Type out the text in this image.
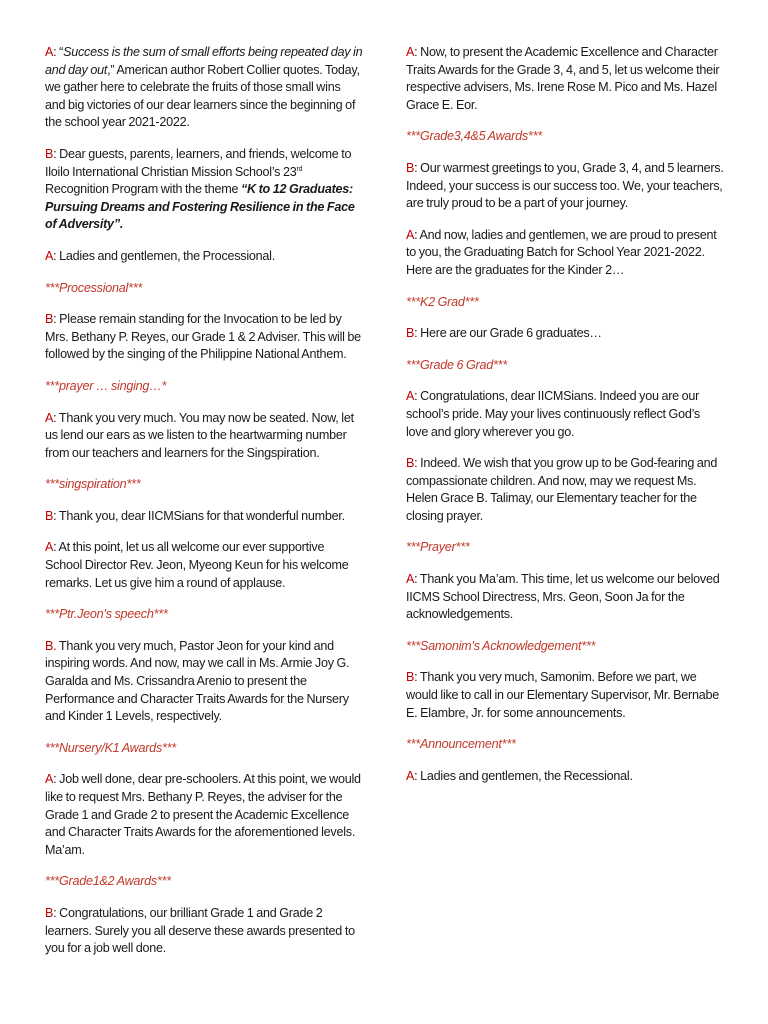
A: “Success is the sum of small efforts being repeated day in and day out,” American author Robert Collier quotes. Today, we gather here to celebrate the fruits of those small wins and big victories of our dear learners since the beginning of the school year 2021-2022.

B: Dear guests, parents, learners, and friends, welcome to Iloilo International Christian Mission School’s 23rd Recognition Program with the theme “K to 12 Graduates: Pursuing Dreams and Fostering Resilience in the Face of Adversity”.

A: Ladies and gentlemen, the Processional.

***Processional***

B: Please remain standing for the Invocation to be led by Mrs. Bethany P. Reyes, our Grade 1 & 2 Adviser. This will be followed by the singing of the Philippine National Anthem.

***prayer … singing…*

A: Thank you very much. You may now be seated. Now, let us lend our ears as we listen to the heartwarming number from our teachers and learners for the Singspiration.

***singspiration***

B: Thank you, dear IICMSians for that wonderful number.

A: At this point, let us all welcome our ever supportive School Director Rev. Jeon, Myeong Keun for his welcome remarks. Let us give him a round of applause.

***Ptr.Jeon’s speech***

B. Thank you very much, Pastor Jeon for your kind and inspiring words. And now, may we call in Ms. Armie Joy G. Garalda and Ms. Crissandra Arenio to present the Performance and Character Traits Awards for the Nursery and Kinder 1 Levels, respectively.

***Nursery/K1 Awards***

A: Job well done, dear pre-schoolers. At this point, we would like to request Mrs. Bethany P. Reyes, the adviser for the Grade 1 and Grade 2 to present the Academic Excellence and Character Traits Awards for the aforementioned levels. Ma’am.

***Grade1&2 Awards***

B: Congratulations, our brilliant Grade 1 and Grade 2 learners. Surely you all deserve these awards presented to you for a job well done.

A: Now, to present the Academic Excellence and Character Traits Awards for the Grade 3, 4, and 5, let us welcome their respective advisers, Ms. Irene Rose M. Pico and Ms. Hazel Grace E. Eor.

***Grade3,4&5 Awards***

B: Our warmest greetings to you, Grade 3, 4, and 5 learners. Indeed, your success is our success too. We, your teachers, are truly proud to be a part of your journey.

A: And now, ladies and gentlemen, we are proud to present to you, the Graduating Batch for School Year 2021-2022. Here are the graduates for the Kinder 2…

***K2 Grad***

B: Here are our Grade 6 graduates…

***Grade 6 Grad***

A: Congratulations, dear IICMSians. Indeed you are our school’s pride. May your lives continuously reflect God’s love and glory wherever you go.

B: Indeed. We wish that you grow up to be God-fearing and compassionate children. And now, may we request Ms. Helen Grace B. Talimay, our Elementary teacher for the closing prayer.

***Prayer***

A: Thank you Ma’am. This time, let us welcome our beloved IICMS School Directress, Mrs. Geon, Soon Ja for the acknowledgements.

***Samonim’s Acknowledgement***

B: Thank you very much, Samonim. Before we part, we would like to call in our Elementary Supervisor, Mr. Bernabe E. Elambre, Jr. for some announcements.

***Announcement***

A: Ladies and gentlemen, the Recessional.
